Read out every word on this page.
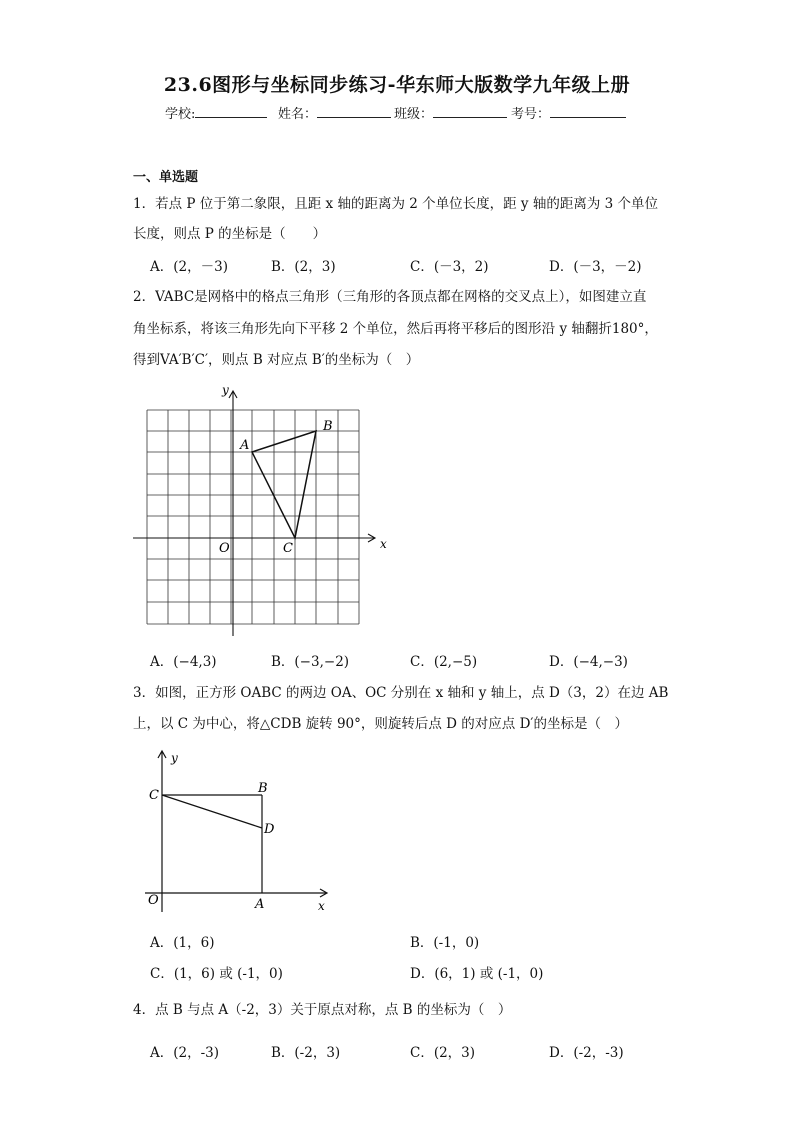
23.6图形与坐标同步练习-华东师大版数学九年级上册
学校:	姓名：	班级：	考号：
一、单选题
1．若点 P 位于第二象限，且距 x 轴的距离为 2 个单位长度，距 y 轴的距离为 3 个单位
长度，则点 P 的坐标是（　　）
A．(2，－3)	B．(2，3)	C．(－3，2)	D．(－3，－2)
2．VABC是网格中的格点三角形（三角形的各顶点都在网格的交叉点上），如图建立直
角坐标系，将该三角形先向下平移 2 个单位，然后再将平移后的图形沿 y 轴翻折180°，
得到VA′B′C′，则点 B 对应点 B′的坐标为（　）
x
y
O
A
B
C
y
x
O
C	B
D
A
A．(−4,3)	B．(−3,−2)	C．(2,−5)	D．(−4,−3)
3．如图，正方形 OABC 的两边 OA、OC 分别在 x 轴和 y 轴上，点 D（3，2）在边 AB
上，以 C 为中心，将△CDB 旋转 90°，则旋转后点 D 的对应点 D′的坐标是（　）
A．(1，6)	B．(-1，0)
C．(1，6) 或 (-1，0)	D．(6，1) 或 (-1，0)
4．点 B 与点 A（-2，3）关于原点对称，点 B 的坐标为（　）
A．(2，-3)	B．(-2，3)	C．(2，3)	D．(-2，-3)
